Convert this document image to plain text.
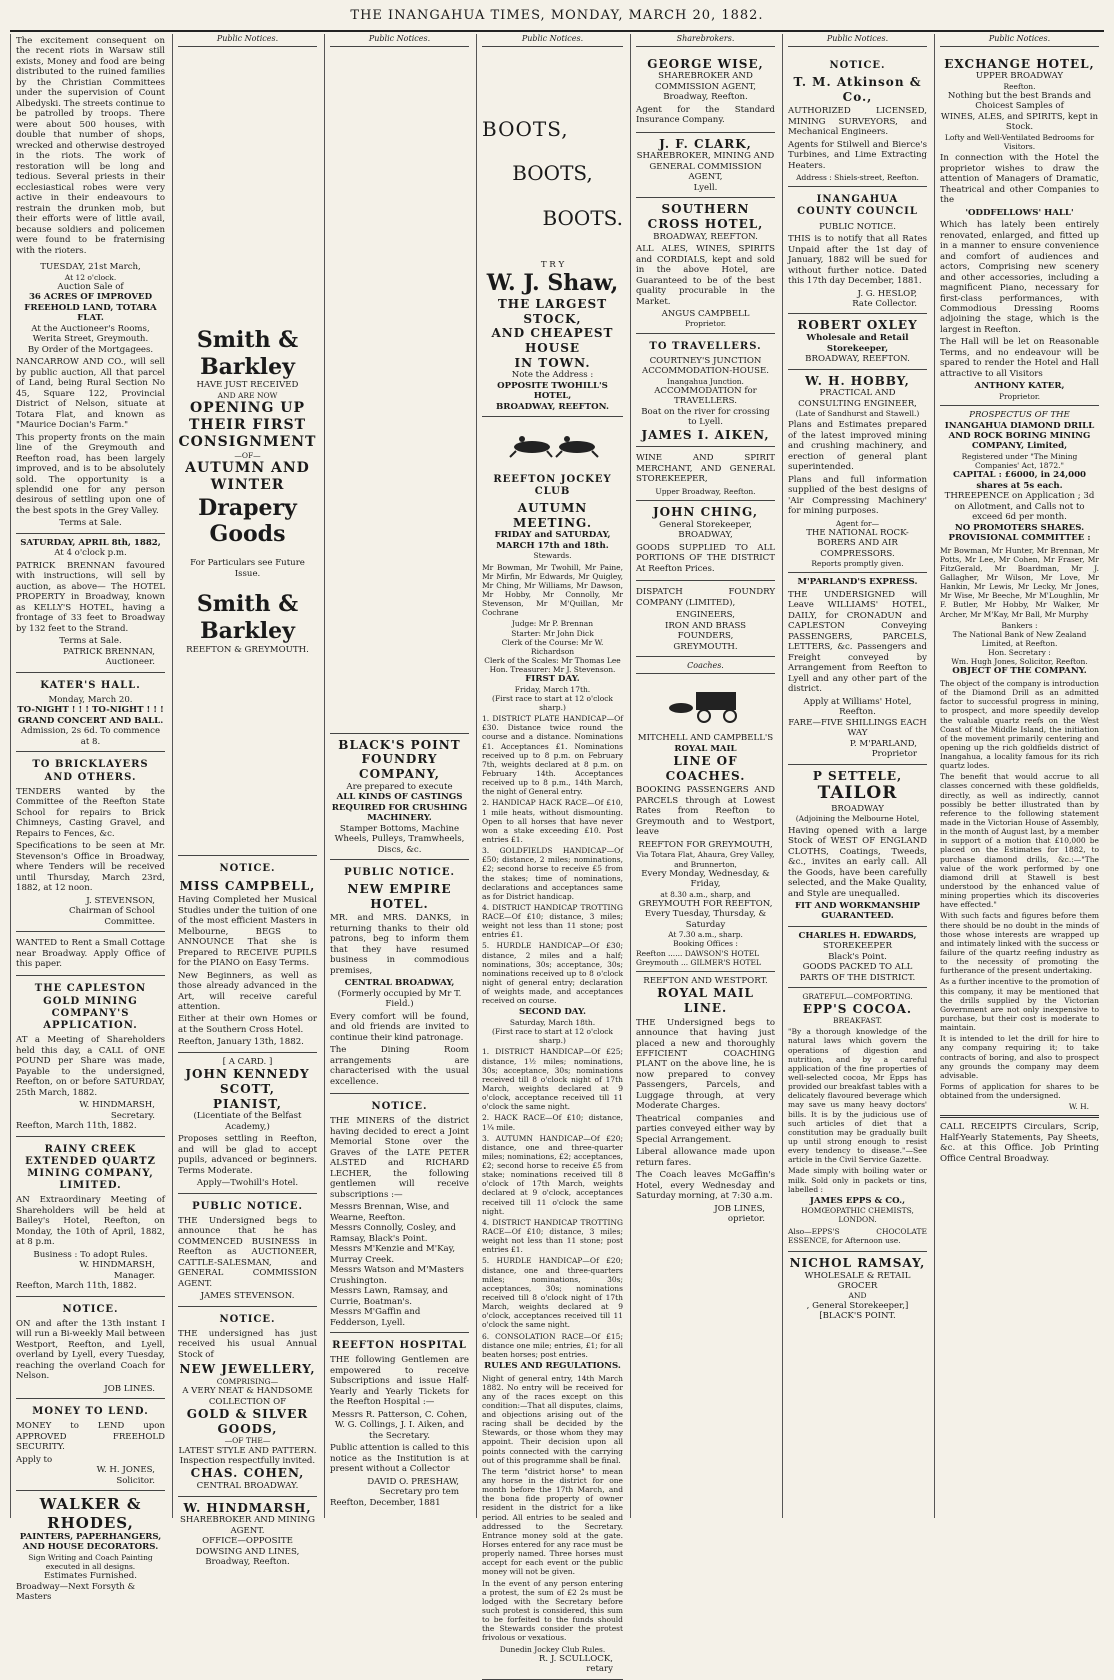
THE INANGAHUA TIMES, MONDAY, MARCH 20, 1882.

The excitement consequent on the recent riots in Warsaw still exists, Money and food are being distributed to the ruined families by the Christian Committees under the supervision of Count Albedyski. The streets continue to be patrolled by troops. There were about 500 houses, with double that number of shops, wrecked and otherwise destroyed in the riots. The work of restoration will be long and tedious. Several priests in their ecclesiastical robes were very active in their endeavours to restrain the drunken mob, but their efforts were of little avail, because soldiers and policemen were found to be fraternising with the rioters.

TUESDAY, 21st March,
At 12 o'clock.
Auction Sale of
36 ACRES OF IMPROVED FREEHOLD LAND, TOTARA FLAT.
At the Auctioneer's Rooms, Werita Street, Greymouth.
By Order of the Mortgagees.

NANCARROW AND CO., will sell by public auction, All that parcel of Land, being Rural Section No 45, Square 122, Provincial District of Nelson, situate at Totara Flat, and known as "Maurice Docian's Farm."

This property fronts on the main line of the Greymouth and Reefton road, has been largely improved, and is to be absolutely sold. The opportunity is a splendid one for any person desirous of settling upon one of the best spots in the Grey Valley.

Terms at Sale.
SATURDAY, APRIL 8th, 1882,
At 4 o'clock p.m.

PATRICK BRENNAN favoured with instructions, will sell by auction, as above— The HOTEL PROPERTY in Broadway, known as KELLY'S HOTEL, having a frontage of 33 feet to Broadway by 132 feet to the Strand.

Terms at Sale.
PATRICK BRENNAN,
Auctioneer.
KATER'S HALL.
Monday, March 20.
TO-NIGHT ! ! ! TO-NIGHT ! ! !
GRAND CONCERT AND BALL.
Admission, 2s 6d. To commence at 8.
TO BRICKLAYERS AND OTHERS.

TENDERS wanted by the Committee of the Reefton State School for repairs to Brick Chimneys, Casting Gravel, and Repairs to Fences, &c.

Specifications to be seen at Mr. Stevenson's Office in Broadway, where Tenders will be received until Thursday, March 23rd, 1882, at 12 noon.

J. STEVENSON,
Chairman of School Committee.

WANTED to Rent a Small Cottage near Broadway. Apply Office of this paper.

THE CAPLESTON GOLD MINING COMPANY'S APPLICATION.

AT a Meeting of Shareholders held this day, a CALL of ONE POUND per Share was made, Payable to the undersigned, Reefton, on or before SATURDAY, 25th March, 1882.

W. HINDMARSH,
Secretary.
Reefton, March 11th, 1882.
RAINY CREEK EXTENDED QUARTZ MINING COMPANY, LIMITED.

AN Extraordinary Meeting of Shareholders will be held at Bailey's Hotel, Reefton, on Monday, the 10th of April, 1882, at 8 p.m.

Business : To adopt Rules.
W. HINDMARSH,
Manager.
Reefton, March 11th, 1882.
NOTICE.

ON and after the 13th instant I will run a Bi-weekly Mail between Westport, Reefton, and Lyell, overland by Lyell, every Tuesday, reaching the overland Coach for Nelson.

JOB LINES.
MONEY TO LEND.

MONEY to LEND upon APPROVED FREEHOLD SECURITY.

Apply to
W. H. JONES,
Solicitor.
WALKER & RHODES,
PAINTERS, PAPERHANGERS, AND HOUSE DECORATORS.
Sign Writing and Coach Painting executed in all designs.
Estimates Furnished.
Broadway—Next Forsyth & Masters
Public Notices.
Smith & Barkley
HAVE JUST RECEIVED
AND ARE NOW
OPENING UP THEIR FIRST CONSIGNMENT
—OF—
AUTUMN AND WINTER
Drapery Goods
For Particulars see Future Issue.
Smith & Barkley
REEFTON & GREYMOUTH.
NOTICE.
MISS CAMPBELL,

Having Completed her Musical Studies under the tuition of one of the most efficient Masters in Melbourne, BEGS to ANNOUNCE That she is Prepared to RECEIVE PUPILS for the PIANO on Easy Terms.

New Beginners, as well as those already advanced in the Art, will receive careful attention.

Either at their own Homes or at the Southern Cross Hotel.

Reefton, January 13th, 1882.
[ A CARD. ]
JOHN KENNEDY SCOTT,
PIANIST,
(Licentiate of the Belfast Academy,)

Proposes settling in Reefton, and will be glad to accept pupils, advanced or beginners. Terms Moderate.

Apply—Twohill's Hotel.
PUBLIC NOTICE.

THE Undersigned begs to announce that he has COMMENCED BUSINESS in Reefton as AUCTIONEER, CATTLE-SALESMAN, and GENERAL COMMISSION AGENT.

JAMES STEVENSON.
NOTICE.

THE undersigned has just received his usual Annual Stock of

NEW JEWELLERY,
COMPRISING—
A VERY NEAT & HANDSOME COLLECTION OF
GOLD & SILVER GOODS,
—OF THE—
LATEST STYLE AND PATTERN.
Inspection respectfully invited.
CHAS. COHEN,
CENTRAL BROADWAY.
W. HINDMARSH,
SHAREBROKER AND MINING AGENT.
OFFICE—OPPOSITE DOWSING AND LINES,
Broadway, Reefton.
Public Notices.
BLACK'S POINT
FOUNDRY COMPANY,
Are prepared to execute
ALL KINDS OF CASTINGS REQUIRED FOR CRUSHING MACHINERY.
Stamper Bottoms, Machine Wheels, Pulleys, Tramwheels, Discs, &c.
PUBLIC NOTICE.
NEW EMPIRE HOTEL.

MR. and MRS. DANKS, in returning thanks to their old patrons, beg to inform them that they have resumed business in commodious premises,

CENTRAL BROADWAY,
(Formerly occupied by Mr T. Field.)

Every comfort will be found, and old friends are invited to continue their kind patronage.

The Dining Room arrangements are characterised with the usual excellence.

NOTICE.

THE MINERS of the district having decided to erect a Joint Memorial Stone over the Graves of the LATE PETER ALSTED and RICHARD LECHER, the following gentlemen will receive subscriptions :—

Messrs Brennan, Wise, and Wearne, Reefton.
Messrs Connolly, Cosley, and Ramsay, Black's Point.
Messrs M'Kenzie and M'Kay, Murray Creek.
Messrs Watson and M'Masters Crushington.
Messrs Lawn, Ramsay, and Currie, Boatman's.
Messrs M'Gaffin and Fedderson, Lyell.
REEFTON HOSPITAL

THE following Gentlemen are empowered to receive Subscriptions and issue Half-Yearly and Yearly Tickets for the Reefton Hospital :—

Messrs R. Patterson, C. Cohen, W. G. Collings, J. I. Aiken, and the Secretary.

Public attention is called to this notice as the Institution is at present without a Collector

DAVID O. PRESHAW,
Secretary pro tem
Reefton, December, 1881
Public Notices.
BOOTS,
BOOTS,
BOOTS.
T R Y
W. J. Shaw,
THE LARGEST STOCK,
AND CHEAPEST HOUSE
IN TOWN.
Note the Address :
OPPOSITE TWOHILL'S HOTEL,
BROADWAY, REEFTON.
REEFTON JOCKEY CLUB
AUTUMN MEETING.
FRIDAY and SATURDAY, MARCH 17th and 18th.
Stewards.

Mr Bowman, Mr Twohill, Mr Paine, Mr Mirfin, Mr Edwards, Mr Quigley, Mr Ching, Mr Williams, Mr Dawson, Mr Hobby, Mr Connolly, Mr Stevenson, Mr M'Quillan, Mr Cochrane

Judge: Mr P. Brennan
Starter: Mr John Dick
Clerk of the Course: Mr W. Richardson
Clerk of the Scales: Mr Thomas Lee
Hon. Treasurer: Mr J. Stevenson.
FIRST DAY.
Friday, March 17th.
(First race to start at 12 o'clock sharp.)

1. DISTRICT PLATE HANDICAP—Of £30. Distance twice round the course and a distance. Nominations £1. Acceptances £1. Nominations received up to 8 p.m. on February 7th, weights declared at 8 p.m. on February 14th. Acceptances received up to 8 p.m., 14th March, the night of General entry.

2. HANDICAP HACK RACE—Of £10, 1 mile heats, without dismounting. Open to all horses that have never won a stake exceeding £10. Post entries £1.

3. GOLDFIELDS HANDICAP—Of £50; distance, 2 miles; nominations, £2; second horse to receive £5 from the stakes; time of nominations, declarations and acceptances same as for District handicap.

4. DISTRICT HANDICAP TROTTING RACE—Of £10; distance, 3 miles; weight not less than 11 stone; post entries £1.

5. HURDLE HANDICAP—Of £30; distance, 2 miles and a half; nominations, 30s; acceptance, 30s; nominations received up to 8 o'clock night of general entry; declaration of weights made, and acceptances received on course.

SECOND DAY.
Saturday, March 18th.
(First race to start at 12 o'clock sharp.)

1. DISTRICT HANDICAP—Of £25; distance, 1½ miles; nominations, 30s; acceptance, 30s; nominations received till 8 o'clock night of 17th March, weights declared at 9 o'clock, acceptance received till 11 o'clock the same night.

2. HACK RACE—Of £10; distance, 1¼ mile.

3. AUTUMN HANDICAP—Of £20; distance, one and three-quarter miles; nominations, £2; acceptances, £2; second horse to receive £5 from stake; nominations received till 8 o'clock of 17th March, weights declared at 9 o'clock, acceptances received till 11 o'clock the same night.

4. DISTRICT HANDICAP TROTTING RACE—Of £10; distance, 3 miles; weight not less than 11 stone; post entries £1.

5. HURDLE HANDICAP—Of £20; distance, one and three-quarters miles; nominations, 30s; acceptances, 30s; nominations received till 8 o'clock night of 17th March, weights declared at 9 o'clock, acceptances received till 11 o'clock the same night.

6. CONSOLATION RACE—Of £15; distance one mile; entries, £1; for all beaten horses; post entries.

RULES AND REGULATIONS.

Night of general entry, 14th March 1882. No entry will be received for any of the races except on this condition:—That all disputes, claims, and objections arising out of the racing shall be decided by the Stewards, or those whom they may appoint. Their decision upon all points connected with the carrying out of this programme shall be final.

The term "district horse" to mean any horse in the district for one month before the 17th March, and the bona fide property of owner resident in the district for a like period. All entries to be sealed and addressed to the Secretary. Entrance money sold at the gate. Horses entered for any race must be properly named. Three horses must accept for each event or the public money will not be given.

In the event of any person entering a protest, the sum of £2 2s must be lodged with the Secretary before such protest is considered, this sum to be forfeited to the funds should the Stewards consider the protest frivolous or vexatious.

Dunedin Jockey Club Rules.
R. J. SCULLOCK,
retary
Sharebrokers.
GEORGE WISE,
SHAREBROKER AND COMMISSION AGENT,
Broadway, Reefton.

Agent for the Standard Insurance Company.

J. F. CLARK,
SHAREBROKER, MINING AND GENERAL COMMISSION AGENT,
Lyell.
SOUTHERN CROSS HOTEL,
BROADWAY, REEFTON.

ALL ALES, WINES, SPIRITS and CORDIALS, kept and sold in the above Hotel, are Guaranteed to be of the best quality procurable in the Market.

ANGUS CAMPBELL
Proprietor.
TO TRAVELLERS.
COURTNEY'S JUNCTION ACCOMMODATION-HOUSE.
Inangahua Junction.
ACCOMMODATION for TRAVELLERS.
Boat on the river for crossing to Lyell.
JAMES I. AIKEN,

WINE AND SPIRIT MERCHANT, AND GENERAL STOREKEEPER,

Upper Broadway, Reefton.
JOHN CHING,
General Storekeeper,
BROADWAY,

GOODS SUPPLIED TO ALL PORTIONS OF THE DISTRICT At Reefton Prices.

DISPATCH FOUNDRY COMPANY (LIMITED),

ENGINEERS,
IRON AND BRASS FOUNDERS,
GREYMOUTH.
Coaches.
MITCHELL AND CAMPBELL'S
ROYAL MAIL
LINE OF COACHES.

BOOKING PASSENGERS AND PARCELS through at Lowest Rates from Reefton to Greymouth and to Westport, leave

REEFTON FOR GREYMOUTH,
Via Totara Flat, Ahaura, Grey Valley, and Brunnerton,
Every Monday, Wednesday, & Friday,
at 8.30 a.m., sharp, and
GREYMOUTH FOR REEFTON,
Every Tuesday, Thursday, & Saturday
At 7.30 a.m., sharp.
Booking Offices :
Reefton ...... DAWSON'S HOTEL
Greymouth ... GILMER'S HOTEL
REEFTON AND WESTPORT.
ROYAL MAIL LINE.

THE Undersigned begs to announce that having just placed a new and thoroughly EFFICIENT COACHING PLANT on the above line, he is now prepared to convey Passengers, Parcels, and Luggage through, at very Moderate Charges.

Theatrical companies and parties conveyed either way by Special Arrangement.

Liberal allowance made upon return fares.

The Coach leaves McGaffin's Hotel, every Wednesday and Saturday morning, at 7:30 a.m.

JOB LINES,
oprietor.
Public Notices.
NOTICE.
T. M. Atkinson & Co.,

AUTHORIZED LICENSED, MINING SURVEYORS, and Mechanical Engineers.

Agents for Stilwell and Bierce's Turbines, and Lime Extracting Heaters.

Address : Shiels-street, Reefton.
INANGAHUA COUNTY COUNCIL
PUBLIC NOTICE.

THIS is to notify that all Rates Unpaid after the 1st day of January, 1882 will be sued for without further notice. Dated this 17th day December, 1881.

J. G. HESLOP,
Rate Collector.
ROBERT OXLEY
Wholesale and Retail
Storekeeper,
BROADWAY, REEFTON.
W. H. HOBBY,
PRACTICAL AND CONSULTING ENGINEER,
(Late of Sandhurst and Stawell.)

Plans and Estimates prepared of the latest improved mining and crushing machinery, and erection of general plant superintended.

Plans and full information supplied of the best designs of 'Air Compressing Machinery' for mining purposes.

Agent for—
THE NATIONAL ROCK-BORERS AND AIR COMPRESSORS.
Reports promptly given.
M'PARLAND'S EXPRESS.

THE UNDERSIGNED will Leave WILLIAMS' HOTEL, DAILY, for CRONADUN and CAPLESTON Conveying PASSENGERS, PARCELS, LETTERS, &c. Passengers and Freight conveyed by Arrangement from Reefton to Lyell and any other part of the district.

Apply at Williams' Hotel, Reefton.
FARE—FIVE SHILLINGS EACH WAY
P. M'PARLAND,
Proprietor
P SETTELE,
TAILOR
BROADWAY
(Adjoining the Melbourne Hotel,

Having opened with a large Stock of WEST OF ENGLAND CLOTHS, Coatings, Tweeds, &c., invites an early call. All the Goods, have been carefully selected, and the Make Quality, and Style are unequalled.

FIT AND WORKMANSHIP GUARANTEED.
CHARLES H. EDWARDS,
STOREKEEPER
Black's Point.
GOODS PACKED TO ALL PARTS OF THE DISTRICT.
GRATEFUL—COMFORTING.
EPP'S COCOA.
BREAKFAST.

"By a thorough knowledge of the natural laws which govern the operations of digestion and nutrition, and by a careful application of the fine properties of well-selected cocoa, Mr Epps has provided our breakfast tables with a delicately flavoured beverage which may save us many heavy doctors' bills. It is by the judicious use of such articles of diet that a constitution may be gradually built up until strong enough to resist every tendency to disease."—See article in the Civil Service Gazette.

Made simply with boiling water or milk. Sold only in packets or tins, labelled :

JAMES EPPS & CO.,
HOMŒOPATHIC CHEMISTS,
LONDON.

Also—EPPS'S CHOCOLATE ESSENCE, for Afternoon use.

NICHOL RAMSAY,
WHOLESALE & RETAIL GROCER
AND
, General Storekeeper,]
[BLACK'S POINT.
Public Notices.
EXCHANGE HOTEL,
UPPER BROADWAY
Reefton.
Nothing but the best Brands and Choicest Samples of
WINES, ALES, and SPIRITS, kept in Stock.
Lofty and Well-Ventilated Bedrooms for Visitors.

In connection with the Hotel the proprietor wishes to draw the attention of Managers of Dramatic, Theatrical and other Companies to the

'ODDFELLOWS' HALL'

Which has lately been entirely renovated, enlarged, and fitted up in a manner to ensure convenience and comfort of audiences and actors, Comprising new scenery and other accessories, including a magnificent Piano, necessary for first-class performances, with Commodious Dressing Rooms adjoining the stage, which is the largest in Reefton.

The Hall will be let on Reasonable Terms, and no endeavour will be spared to render the Hotel and Hall attractive to all Visitors

ANTHONY KATER,
Proprietor.
PROSPECTUS OF THE
INANGAHUA DIAMOND DRILL AND ROCK BORING MINING COMPANY, Limited,
Registered under "The Mining Companies' Act, 1872."
CAPITAL : £6000, in 24,000 shares at 5s each.
THREEPENCE on Application ; 3d on Allotment, and Calls not to exceed 6d per month.
NO PROMOTERS SHARES.
PROVISIONAL COMMITTEE :

Mr Bowman, Mr Hunter, Mr Brennan, Mr Potts, Mr Lee, Mr Cohen, Mr Fraser, Mr FitzGerald, Mr Boardman, Mr J. Gallagher, Mr Wilson, Mr Love, Mr Hankin, Mr Lewis, Mr Lecky, Mr Jones, Mr Wise, Mr Beeche, Mr M'Loughlin, Mr F. Butler, Mr Hobby, Mr Walker, Mr Archer, Mr M'Kay, Mr Ball, Mr Murphy

Bankers :
The National Bank of New Zealand Limited, at Reefton.
Hon. Secretary :
Wm. Hugh Jones, Solicitor, Reefton.
OBJECT OF THE COMPANY.

The object of the company is introduction of the Diamond Drill as an admitted factor to successful progress in mining, to prospect, and more speedily develop the valuable quartz reefs on the West Coast of the Middle Island, the initiation of the movement primarily centering and opening up the rich goldfields district of Inangahua, a locality famous for its rich quartz lodes.

The benefit that would accrue to all classes concerned with these goldfields, directly, as well as indirectly, cannot possibly be better illustrated than by reference to the following statement made in the Victorian House of Assembly, in the month of August last, by a member in support of a motion that £10,000 be placed on the Estimates for 1882, to purchase diamond drills, &c.:—"The value of the work performed by one diamond drill at Stawell is best understood by the enhanced value of mining properties which its discoveries have effected."

With such facts and figures before them there should be no doubt in the minds of those whose interests are wrapped up and intimately linked with the success or failure of the quartz reefing industry as to the necessity of promoting the furtherance of the present undertaking.

As a further incentive to the promotion of this company, it may be mentioned that the drills supplied by the Victorian Government are not only inexpensive to purchase, but their cost is moderate to maintain.

It is intended to let the drill for hire to any company requiring it; to take contracts of boring, and also to prospect any grounds the company may deem advisable.

Forms of application for shares to be obtained from the undersigned.

W. H.

CALL RECEIPTS Circulars, Scrip, Half-Yearly Statements, Pay Sheets, &c. at this Office. Job Printing Office Central Broadway.
